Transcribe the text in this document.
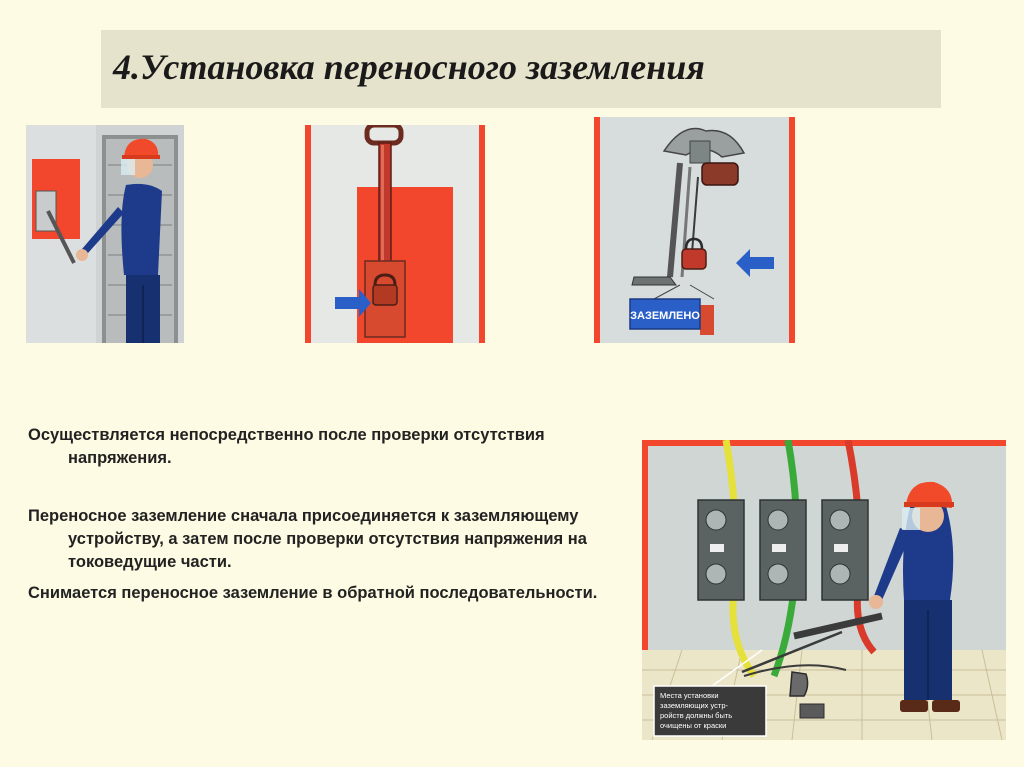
4.Установка переносного заземления
ЗАЗЕМЛЕНО
Места установки
заземляющих устр-
ройств должны быть
очищены от краски

Осуществляется непосредственно после проверки отсутствия напряжения.

Переносное заземление сначала присоединяется к заземляющему устройству, а затем после проверки отсутствия напряжения на токоведущие части.

Снимается переносное заземление в обратной последовательности.
